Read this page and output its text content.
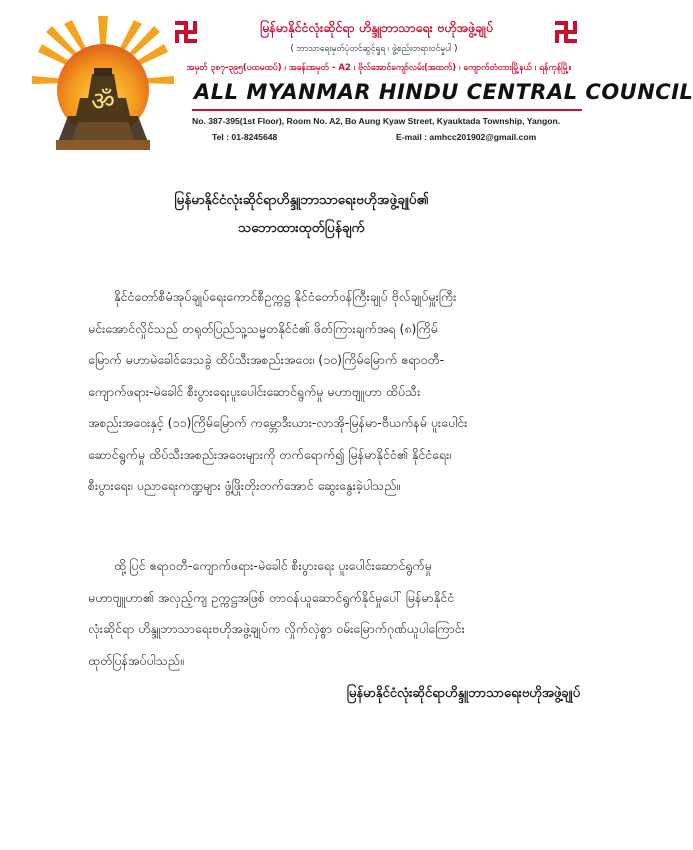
ॐ
မြန်မာနိုင်ငံလုံးဆိုင်ရာ ဟိန္ဒူဘာသာရေး ဗဟိုအဖွဲ့ချုပ်
( ဘာသာရေးမှတ်ပုံတင်ဆွင့်ရှုရ ၊ ဖွဲ့စည်းတရားဝင်မှုပါ )
အမှတ် ၃၈၇-၃၉၅(ပထမထပ်) ၊ အခန်းအမှတ် - A2 ၊ ဗိုလ်အောင်ကျော်လမ်း(အထက်) ၊ ကျောက်တံတားမြို့နယ် ၊ ရန်ကုန်မြို့။
ALL MYANMAR HINDU CENTRAL COUNCIL
No. 387-395(1st Floor), Room No. A2, Bo Aung Kyaw Street, Kyauktada Township, Yangon.
Tel : 01-8245648	E-mail : amhcc201902@gmail.com
မြန်မာနိုင်ငံလုံးဆိုင်ရာဟိန္ဒူဘာသာရေးဗဟိုအဖွဲ့ချုပ်၏
သဘောထားထုတ်ပြန်ချက်
နိုင်ငံတော်စီမံအုပ်ချုပ်ရေးကောင်စီဥက္ကဋ္ဌ နိုင်ငံတော်ဝန်ကြီးချုပ် ဗိုလ်ချုပ်မှူးကြီး
မင်းအောင်လှိုင်သည် တရုတ်ပြည်သူ့သမ္မတနိုင်ငံ၏ ဖိတ်ကြားချက်အရ (၈)ကြိမ်
မြောက် မဟာမဲခေါင်ဒေသခွဲ ထိပ်သီးအစည်းအဝေး၊ (၁၀)ကြိမ်မြောက် ဧရာဝတီ-
ကျောက်ဖရား-မဲခေါင် စီးပွားရေးပူးပေါင်းဆောင်ရွက်မှု မဟာဗျူဟာ ထိပ်သီး
အစည်းအဝေးနှင့် (၁၁)ကြိမ်မြောက် ကမ္ဘောဒီးယား-လာအို-မြန်မာ-ဗီယက်နမ် ပူးပေါင်း
ဆောင်ရွက်မှု ထိပ်သီးအစည်းအဝေးများကို တက်ရောက်၍ မြန်မာနိုင်ငံ၏ နိုင်ငံရေး၊
စီးပွားရေး၊ ပညာရေးကဏ္ဍများ ဖွံ့ဖြိုးတိုးတက်အောင် ဆွေးနွေးခဲ့ပါသည်။
ထို့ပြင် ဧရာဝတီ-ကျောက်ဖရား-မဲခေါင် စီးပွားရေး ပူးပေါင်းဆောင်ရွက်မှု
မဟာဗျူဟာ၏ အလှည့်ကျ ဥက္ကဋ္ဌအဖြစ် တာဝန်ယူဆောင်ရွက်နိုင်မှုပေါ် မြန်မာနိုင်ငံ
လုံးဆိုင်ရာ ဟိန္ဒူဘာသာရေးဗဟိုအဖွဲ့ချုပ်က လှိုက်လှဲစွာ ဝမ်းမြောက်ဂုဏ်ယူပါကြောင်း
ထုတ်ပြန်အပ်ပါသည်။
မြန်မာနိုင်ငံလုံးဆိုင်ရာဟိန္ဒူဘာသာရေးဗဟိုအဖွဲ့ချုပ်
